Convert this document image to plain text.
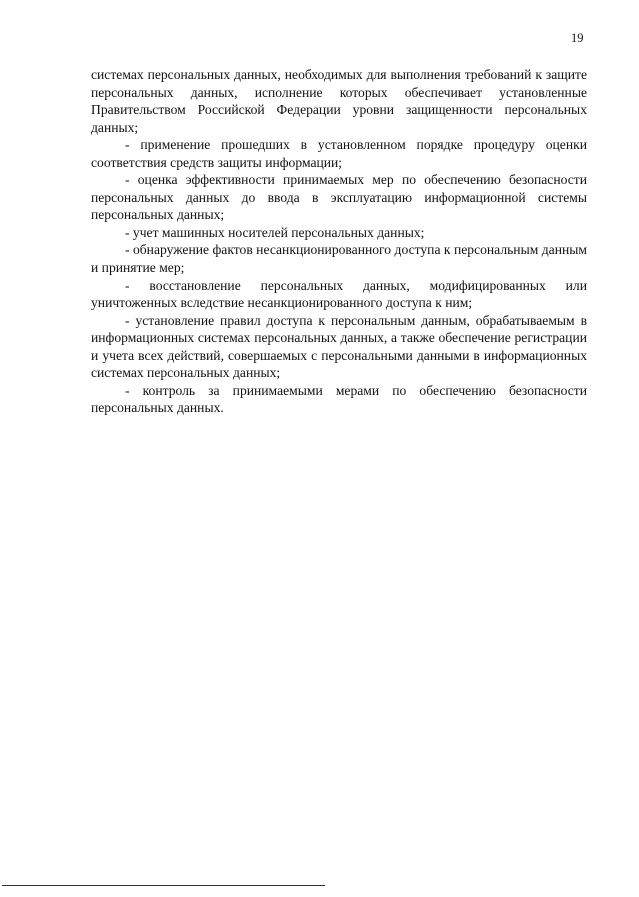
19

системах персональных данных, необходимых для выполнения требований к защите персональных данных, исполнение которых обеспечивает установленные Правительством Российской Федерации уровни защищенности персональных данных;

- применение прошедших в установленном порядке процедуру оценки соответствия средств защиты информации;

- оценка эффективности принимаемых мер по обеспечению безопасности персональных данных до ввода в эксплуатацию информационной системы персональных данных;

- учет машинных носителей персональных данных;

- обнаружение фактов несанкционированного доступа к персональным данным и принятие мер;

- восстановление персональных данных, модифицированных или уничтоженных вследствие несанкционированного доступа к ним;

- установление правил доступа к персональным данным, обрабатываемым в информационных системах персональных данных, а также обеспечение регистрации и учета всех действий, совершаемых с персональными данными в информационных системах персональных данных;

- контроль за принимаемыми мерами по обеспечению безопасности персональных данных.
